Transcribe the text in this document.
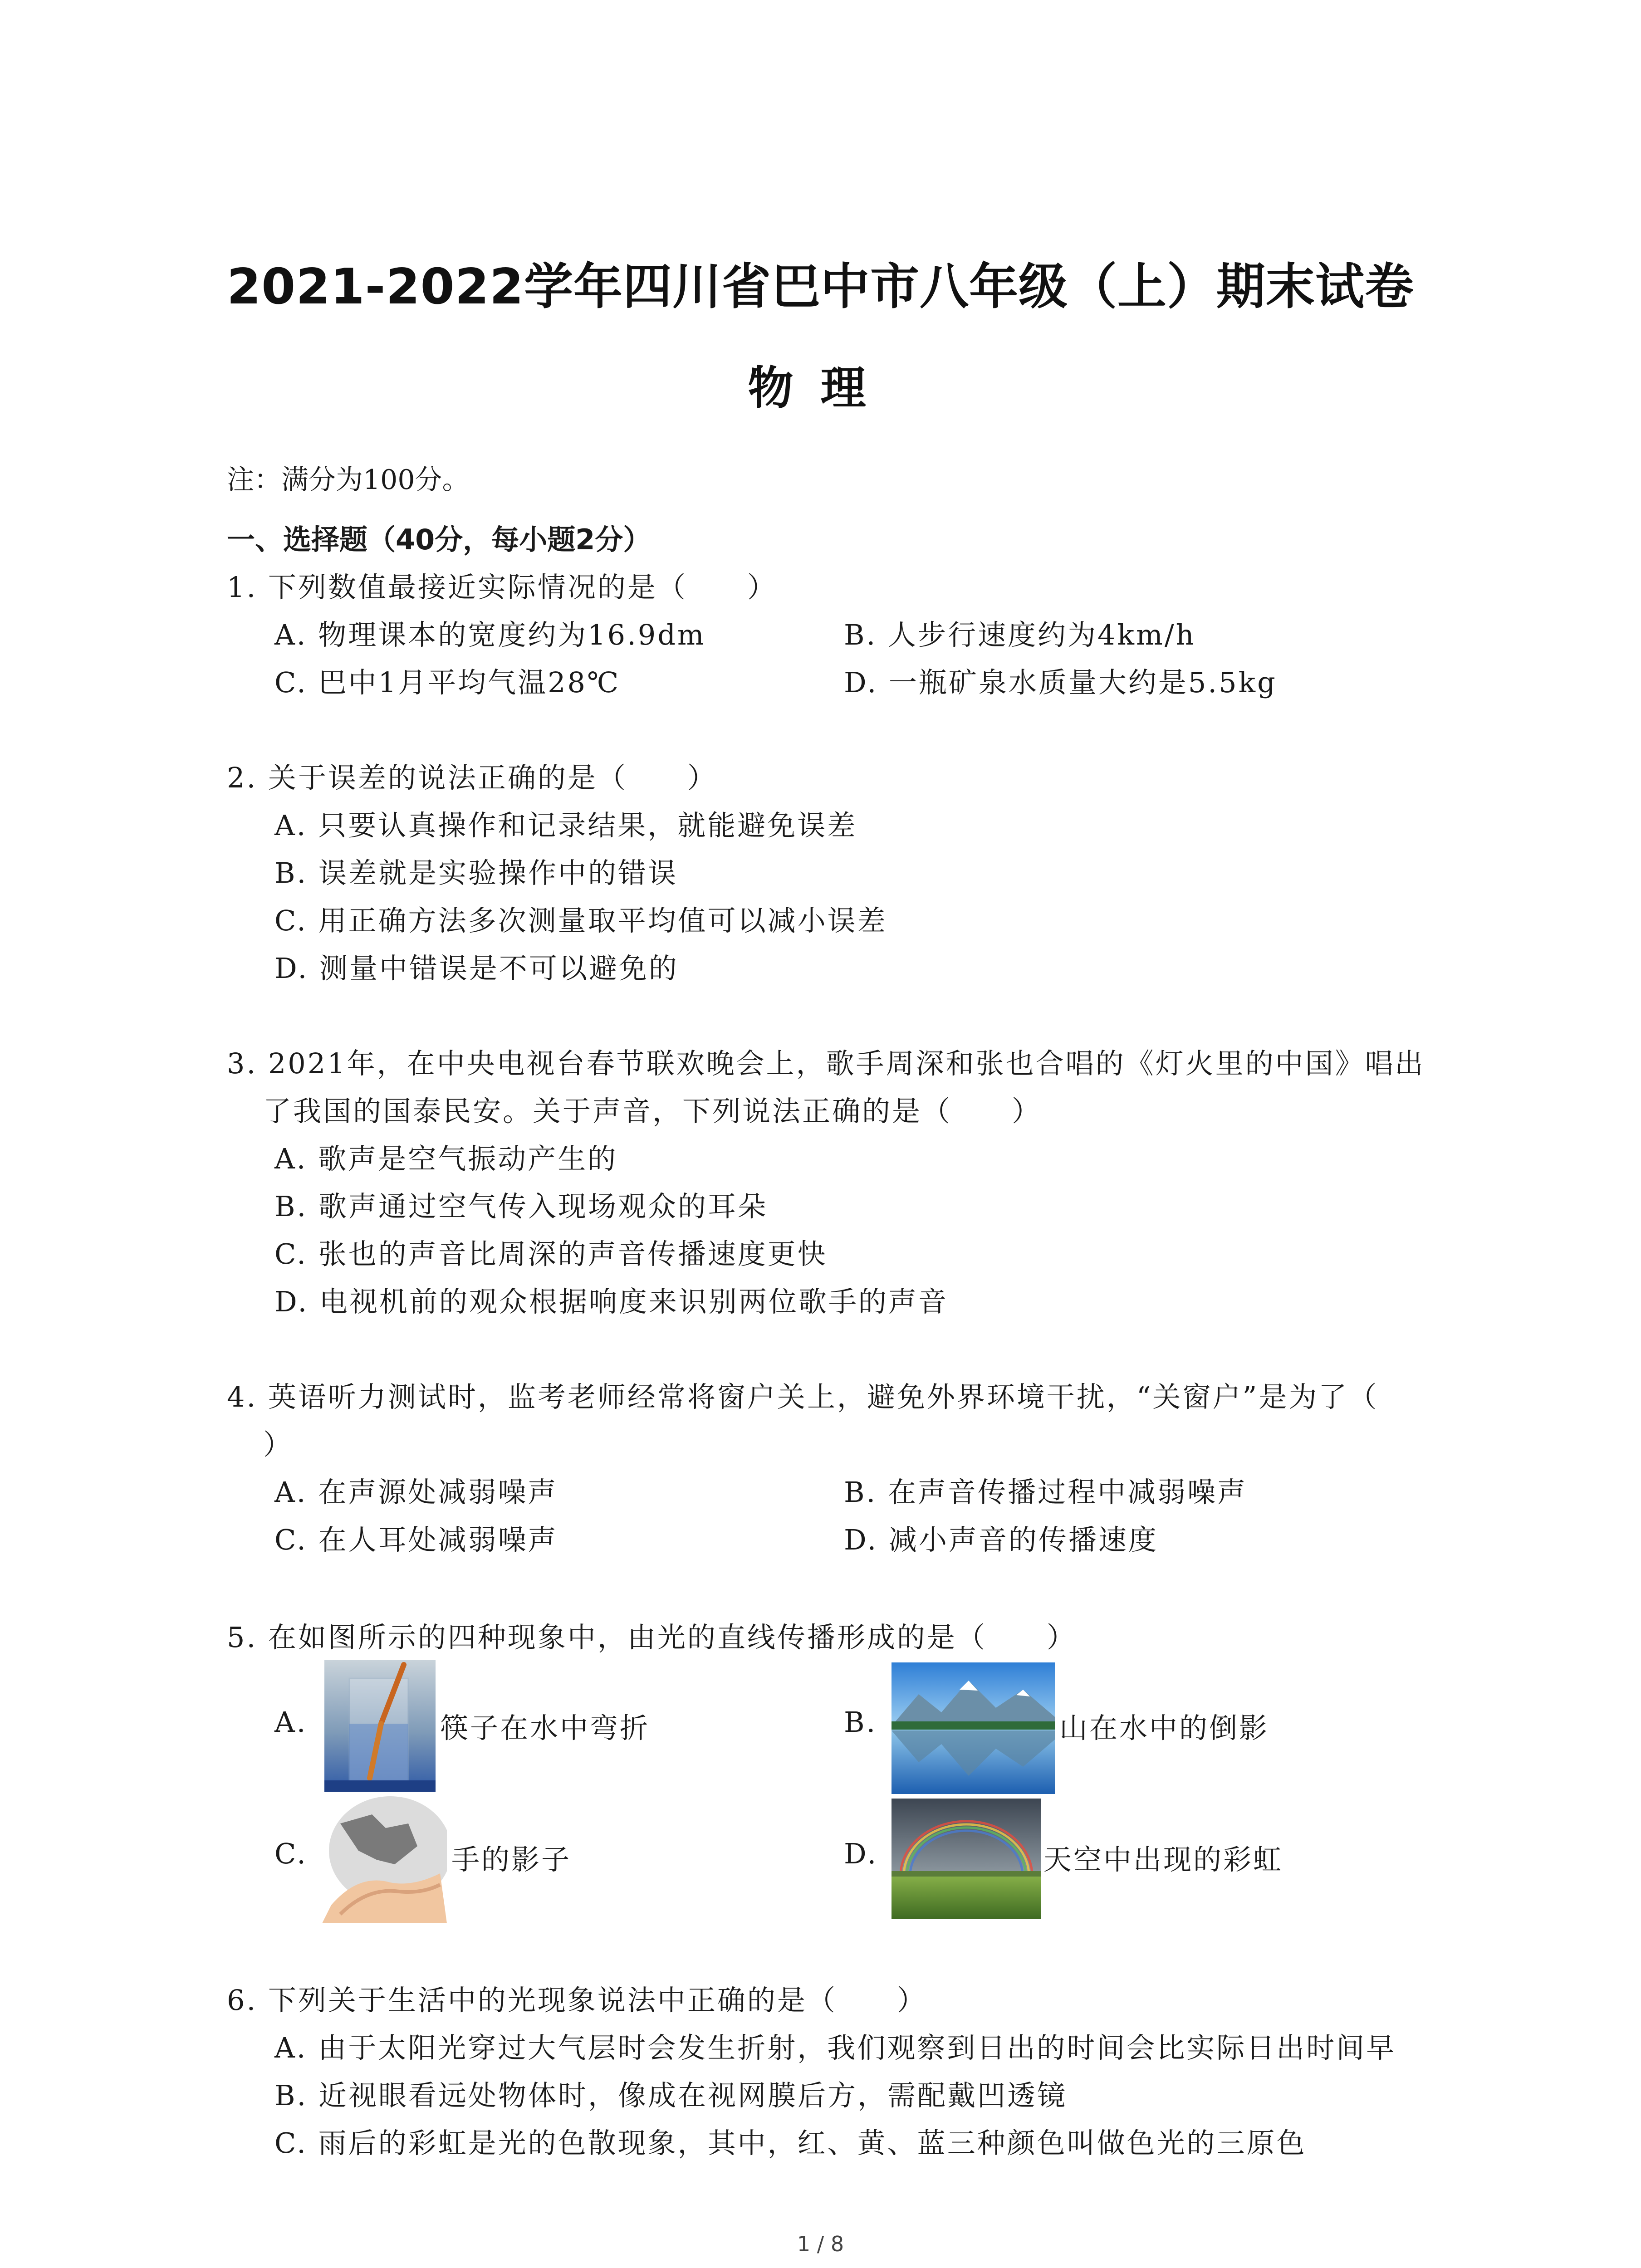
2021-2022学年四川省巴中市八年级（上）期末试卷
物理
注：满分为100分。
一、选择题（40分，每小题2分）
1. 下列数值最接近实际情况的是（　　）
A. 物理课本的宽度约为16.9dm	B. 人步行速度约为4km/h
C. 巴中1月平均气温28℃	D. 一瓶矿泉水质量大约是5.5kg
2. 关于误差的说法正确的是（　　）
A. 只要认真操作和记录结果，就能避免误差
B. 误差就是实验操作中的错误
C. 用正确方法多次测量取平均值可以减小误差
D. 测量中错误是不可以避免的
3. 2021年，在中央电视台春节联欢晚会上，歌手周深和张也合唱的《灯火里的中国》唱出
了我国的国泰民安。关于声音，下列说法正确的是（　　）
A. 歌声是空气振动产生的
B. 歌声通过空气传入现场观众的耳朵
C. 张也的声音比周深的声音传播速度更快
D. 电视机前的观众根据响度来识别两位歌手的声音
4. 英语听力测试时，监考老师经常将窗户关上，避免外界环境干扰，“关窗户”是为了（
）
A. 在声源处减弱噪声	B. 在声音传播过程中减弱噪声
C. 在人耳处减弱噪声	D. 减小声音的传播速度
5. 在如图所示的四种现象中，由光的直线传播形成的是（　　）
A.	筷子在水中弯折	B.	山在水中的倒影
C.	手的影子	D.	天空中出现的彩虹
6. 下列关于生活中的光现象说法中正确的是（　　）
A. 由于太阳光穿过大气层时会发生折射，我们观察到日出的时间会比实际日出时间早
B. 近视眼看远处物体时，像成在视网膜后方，需配戴凹透镜
C. 雨后的彩虹是光的色散现象，其中，红、黄、蓝三种颜色叫做色光的三原色
1 / 8
